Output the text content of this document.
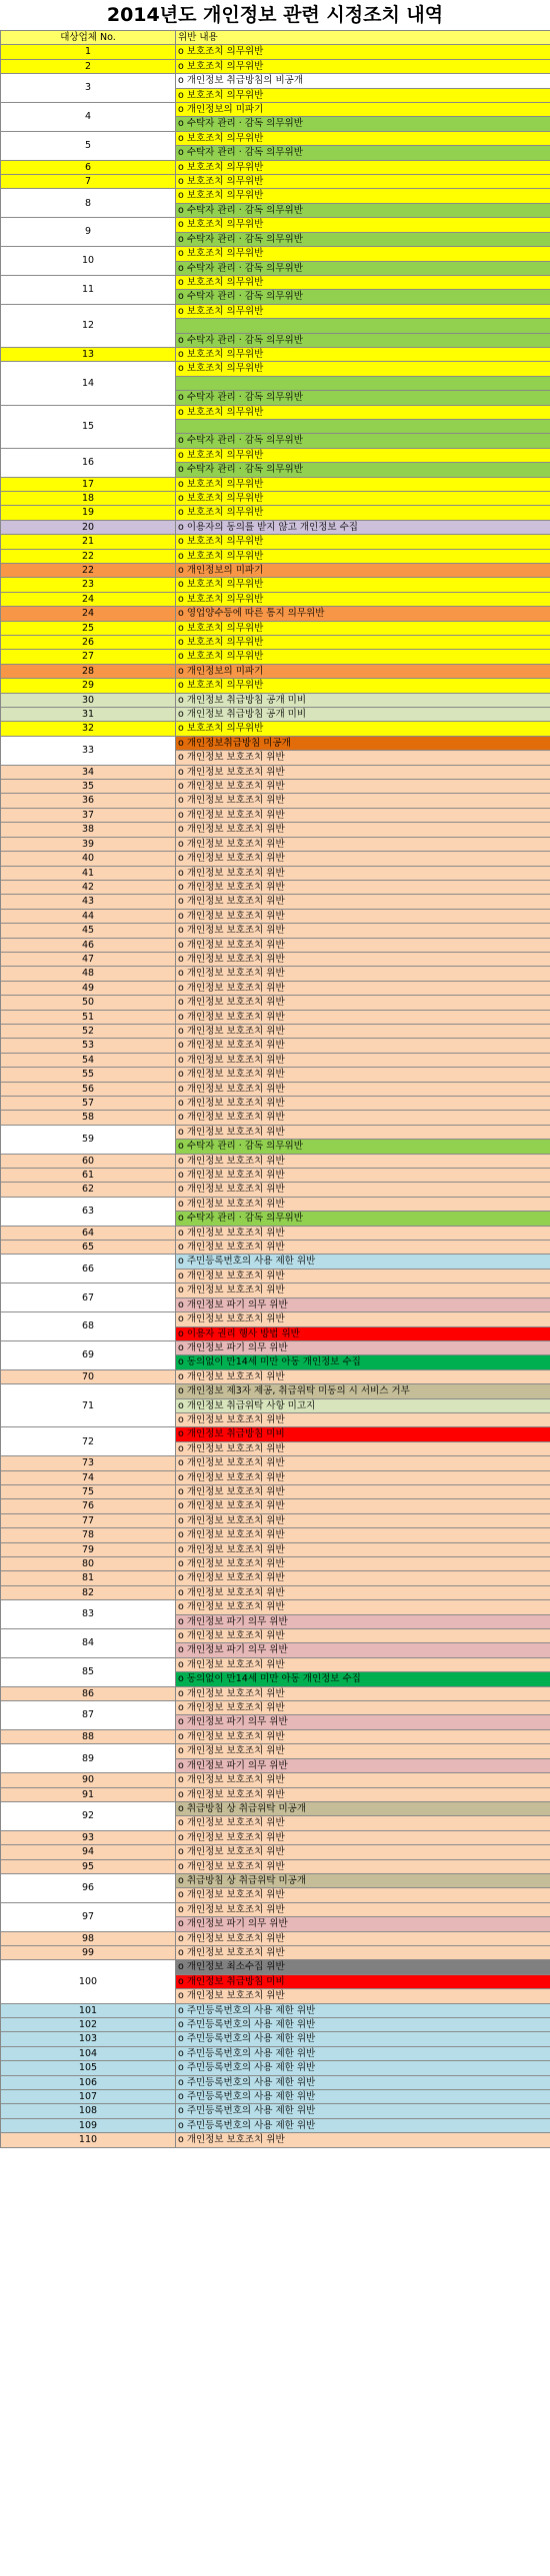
2014년도 개인정보 관련 시정조치 내역
대상업체 No.	위반 내용
1	o 보호조치 의무위반
2	o 보호조치 의무위반
3	o 개인정보 취급방침의 비공개
	o 보호조치 의무위반
4	o 개인정보의 미파기
	o 수탁자 관리 · 감독 의무위반
5	o 보호조치 의무위반
	o 수탁자 관리 · 감독 의무위반
6	o 보호조치 의무위반
7	o 보호조치 의무위반
8	o 보호조치 의무위반
	o 수탁자 관리 · 감독 의무위반
9	o 보호조치 의무위반
	o 수탁자 관리 · 감독 의무위반
10	o 보호조치 의무위반
	o 수탁자 관리 · 감독 의무위반
11	o 보호조치 의무위반
	o 수탁자 관리 · 감독 의무위반
12	o 보호조치 의무위반

	o 수탁자 관리 · 감독 의무위반
13	o 보호조치 의무위반
14	o 보호조치 의무위반

	o 수탁자 관리 · 감독 의무위반
15	o 보호조치 의무위반

	o 수탁자 관리 · 감독 의무위반
16	o 보호조치 의무위반
	o 수탁자 관리 · 감독 의무위반
17	o 보호조치 의무위반
18	o 보호조치 의무위반
19	o 보호조치 의무위반
20	o 이용자의 동의를 받지 않고 개인정보 수집
21	o 보호조치 의무위반
22	o 보호조치 의무위반
22	o 개인정보의 미파기
23	o 보호조치 의무위반
24	o 보호조치 의무위반
24	o 영업양수등에 따른 통지 의무위반
25	o 보호조치 의무위반
26	o 보호조치 의무위반
27	o 보호조치 의무위반
28	o 개인정보의 미파기
29	o 보호조치 의무위반
30	o 개인정보 취급방침 공개 미비
31	o 개인정보 취급방침 공개 미비
32	o 보호조치 의무위반
33	o 개인정보취급방침 미공개
	o 개인정보 보호조치 위반
34	o 개인정보 보호조치 위반
35	o 개인정보 보호조치 위반
36	o 개인정보 보호조치 위반
37	o 개인정보 보호조치 위반
38	o 개인정보 보호조치 위반
39	o 개인정보 보호조치 위반
40	o 개인정보 보호조치 위반
41	o 개인정보 보호조치 위반
42	o 개인정보 보호조치 위반
43	o 개인정보 보호조치 위반
44	o 개인정보 보호조치 위반
45	o 개인정보 보호조치 위반
46	o 개인정보 보호조치 위반
47	o 개인정보 보호조치 위반
48	o 개인정보 보호조치 위반
49	o 개인정보 보호조치 위반
50	o 개인정보 보호조치 위반
51	o 개인정보 보호조치 위반
52	o 개인정보 보호조치 위반
53	o 개인정보 보호조치 위반
54	o 개인정보 보호조치 위반
55	o 개인정보 보호조치 위반
56	o 개인정보 보호조치 위반
57	o 개인정보 보호조치 위반
58	o 개인정보 보호조치 위반
59	o 개인정보 보호조치 위반
	o 수탁자 관리 · 감독 의무위반
60	o 개인정보 보호조치 위반
61	o 개인정보 보호조치 위반
62	o 개인정보 보호조치 위반
63	o 개인정보 보호조치 위반
	o 수탁자 관리 · 감독 의무위반
64	o 개인정보 보호조치 위반
65	o 개인정보 보호조치 위반
66	o 주민등록번호의 사용 제한 위반
	o 개인정보 보호조치 위반
67	o 개인정보 보호조치 위반
	o 개인정보 파기 의무 위반
68	o 개인정보 보호조치 위반
	o 이용자 권리 행사 방법 위반
69	o 개인정보 파기 의무 위반
	o 동의없이 만14세 미만 아동 개인정보 수집
70	o 개인정보 보호조치 위반
71	o 개인정보 제3자 제공, 취급위탁 미동의 시 서비스 거부
	o 개인정보 취급위탁 사항 미고지
	o 개인정보 보호조치 위반
72	o 개인정보 취급방침 미비
	o 개인정보 보호조치 위반
73	o 개인정보 보호조치 위반
74	o 개인정보 보호조치 위반
75	o 개인정보 보호조치 위반
76	o 개인정보 보호조치 위반
77	o 개인정보 보호조치 위반
78	o 개인정보 보호조치 위반
79	o 개인정보 보호조치 위반
80	o 개인정보 보호조치 위반
81	o 개인정보 보호조치 위반
82	o 개인정보 보호조치 위반
83	o 개인정보 보호조치 위반
	o 개인정보 파기 의무 위반
84	o 개인정보 보호조치 위반
	o 개인정보 파기 의무 위반
85	o 개인정보 보호조치 위반
	o 동의없이 만14세 미만 아동 개인정보 수집
86	o 개인정보 보호조치 위반
87	o 개인정보 보호조치 위반
	o 개인정보 파기 의무 위반
88	o 개인정보 보호조치 위반
89	o 개인정보 보호조치 위반
	o 개인정보 파기 의무 위반
90	o 개인정보 보호조치 위반
91	o 개인정보 보호조치 위반
92	o 취급방침 상 취급위탁 미공개
	o 개인정보 보호조치 위반
93	o 개인정보 보호조치 위반
94	o 개인정보 보호조치 위반
95	o 개인정보 보호조치 위반
96	o 취급방침 상 취급위탁 미공개
	o 개인정보 보호조치 위반
97	o 개인정보 보호조치 위반
	o 개인정보 파기 의무 위반
98	o 개인정보 보호조치 위반
99	o 개인정보 보호조치 위반
100	o 개인정보 최소수집 위반
	o 개인정보 취급방침 미비
	o 개인정보 보호조치 위반
101	o 주민등록번호의 사용 제한 위반
102	o 주민등록번호의 사용 제한 위반
103	o 주민등록번호의 사용 제한 위반
104	o 주민등록번호의 사용 제한 위반
105	o 주민등록번호의 사용 제한 위반
106	o 주민등록번호의 사용 제한 위반
107	o 주민등록번호의 사용 제한 위반
108	o 주민등록번호의 사용 제한 위반
109	o 주민등록번호의 사용 제한 위반
110	o 개인정보 보호조치 위반
